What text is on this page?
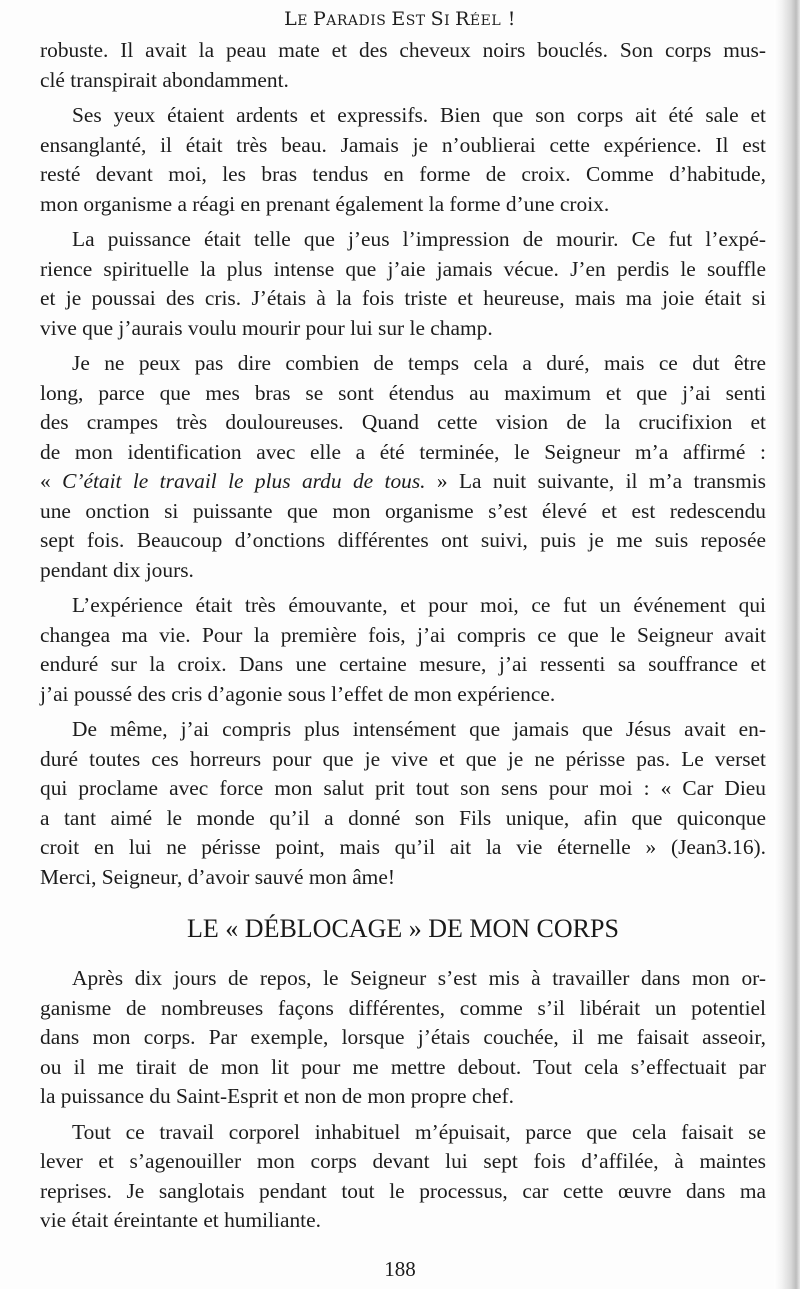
LE PARADIS EST SI RÉEL !
robuste. Il avait la peau mate et des cheveux noirs bouclés. Son corps mus-
clé transpirait abondamment.
Ses yeux étaient ardents et expressifs. Bien que son corps ait été sale et
ensanglanté, il était très beau. Jamais je n’oublierai cette expérience. Il est
resté devant moi, les bras tendus en forme de croix. Comme d’habitude,
mon organisme a réagi en prenant également la forme d’une croix.
La puissance était telle que j’eus l’impression de mourir. Ce fut l’expé-
rience spirituelle la plus intense que j’aie jamais vécue. J’en perdis le souffle
et je poussai des cris. J’étais à la fois triste et heureuse, mais ma joie était si
vive que j’aurais voulu mourir pour lui sur le champ.
Je ne peux pas dire combien de temps cela a duré, mais ce dut être
long, parce que mes bras se sont étendus au maximum et que j’ai senti
des crampes très douloureuses. Quand cette vision de la crucifixion et
de mon identification avec elle a été terminée, le Seigneur m’a affirmé :
« C’était le travail le plus ardu de tous. » La nuit suivante, il m’a transmis
une onction si puissante que mon organisme s’est élevé et est redescendu
sept fois. Beaucoup d’onctions différentes ont suivi, puis je me suis reposée
pendant dix jours.
L’expérience était très émouvante, et pour moi, ce fut un événement qui
changea ma vie. Pour la première fois, j’ai compris ce que le Seigneur avait
enduré sur la croix. Dans une certaine mesure, j’ai ressenti sa souffrance et
j’ai poussé des cris d’agonie sous l’effet de mon expérience.
De même, j’ai compris plus intensément que jamais que Jésus avait en-
duré toutes ces horreurs pour que je vive et que je ne périsse pas. Le verset
qui proclame avec force mon salut prit tout son sens pour moi : « Car Dieu
a tant aimé le monde qu’il a donné son Fils unique, afin que quiconque
croit en lui ne périsse point, mais qu’il ait la vie éternelle » (Jean3.16).
Merci, Seigneur, d’avoir sauvé mon âme!
LE « DÉBLOCAGE » DE MON CORPS
Après dix jours de repos, le Seigneur s’est mis à travailler dans mon or-
ganisme de nombreuses façons différentes, comme s’il libérait un potentiel
dans mon corps. Par exemple, lorsque j’étais couchée, il me faisait asseoir,
ou il me tirait de mon lit pour me mettre debout. Tout cela s’effectuait par
la puissance du Saint-Esprit et non de mon propre chef.
Tout ce travail corporel inhabituel m’épuisait, parce que cela faisait se
lever et s’agenouiller mon corps devant lui sept fois d’affilée, à maintes
reprises. Je sanglotais pendant tout le processus, car cette œuvre dans ma
vie était éreintante et humiliante.
188
